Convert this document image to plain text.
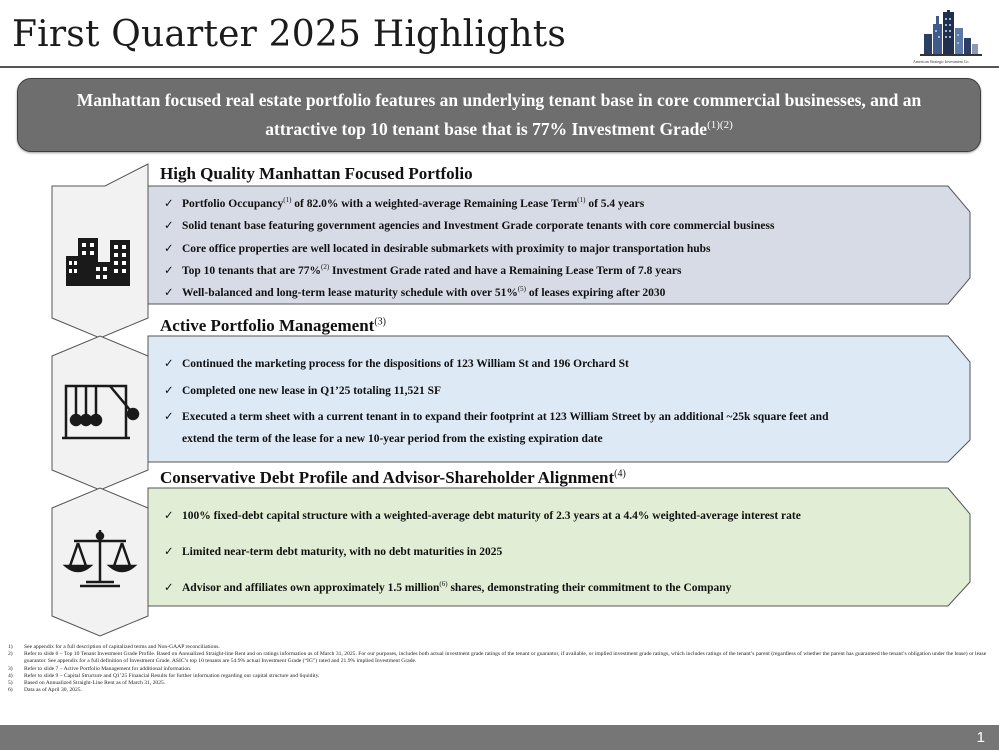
First Quarter 2025 Highlights
American Strategic Investment Co.
Manhattan focused real estate portfolio features an underlying tenant base in core commercial businesses, and an attractive top 10 tenant base that is 77% Investment Grade$^{(1)(2)}$
High Quality Manhattan Focused Portfolio
✓ Portfolio Occupancy$^{(1)}$ of 82.0% with a weighted-average Remaining Lease Term$^{(1)}$ of 5.4 years
✓ Solid tenant base featuring government agencies and Investment Grade corporate tenants with core commercial business
✓ Core office properties are well located in desirable submarkets with proximity to major transportation hubs
✓ Top 10 tenants that are 77%$^{(2)}$ Investment Grade rated and have a Remaining Lease Term of 7.8 years
✓ Well-balanced and long-term lease maturity schedule with over 51%$^{(5)}$ of leases expiring after 2030
Active Portfolio Management$^{(3)}$
✓ Continued the marketing process for the dispositions of 123 William St and 196 Orchard St
✓ Completed one new lease in Q1’25 totaling 11,521 SF
✓ Executed a term sheet with a current tenant in to expand their footprint at 123 William Street by an additional ~25k square feet and
extend the term of the lease for a new 10-year period from the existing expiration date
Conservative Debt Profile and Advisor-Shareholder Alignment$^{(4)}$
✓ 100% fixed-debt capital structure with a weighted-average debt maturity of 2.3 years at a 4.4% weighted-average interest rate
✓ Limited near-term debt maturity, with no debt maturities in 2025
✓ Advisor and affiliates own approximately 1.5 million$^{(6)}$ shares, demonstrating their commitment to the Company
1) See appendix for a full description of capitalized terms and Non-GAAP reconciliations.
2) Refer to slide 6 – Top 10 Tenant Investment Grade Profile. Based on Annualized Straight-line Rent and on ratings information as of March 31, 2025. For our purposes, includes both actual investment grade ratings of the tenant or guarantor, if available, or implied investment grade ratings, which includes ratings of the tenant’s parent (regardless of whether the parent has guaranteed the tenant’s obligation under the lease) or lease guarantor. See appendix for a full definition of Investment Grade. ASIC’s top 10 tenants are 54.9% actual Investment Grade (“IG”) rated and 21.9% implied Investment Grade.
3) Refer to slide 7 – Active Portfolio Management for additional information.
4) Refer to slide 9 – Capital Structure and Q1’25 Financial Results for further information regarding our capital structure and liquidity.
5) Based on Annualized Straight-Line Rent as of March 31, 2025.
6) Data as of April 30, 2025.
1
